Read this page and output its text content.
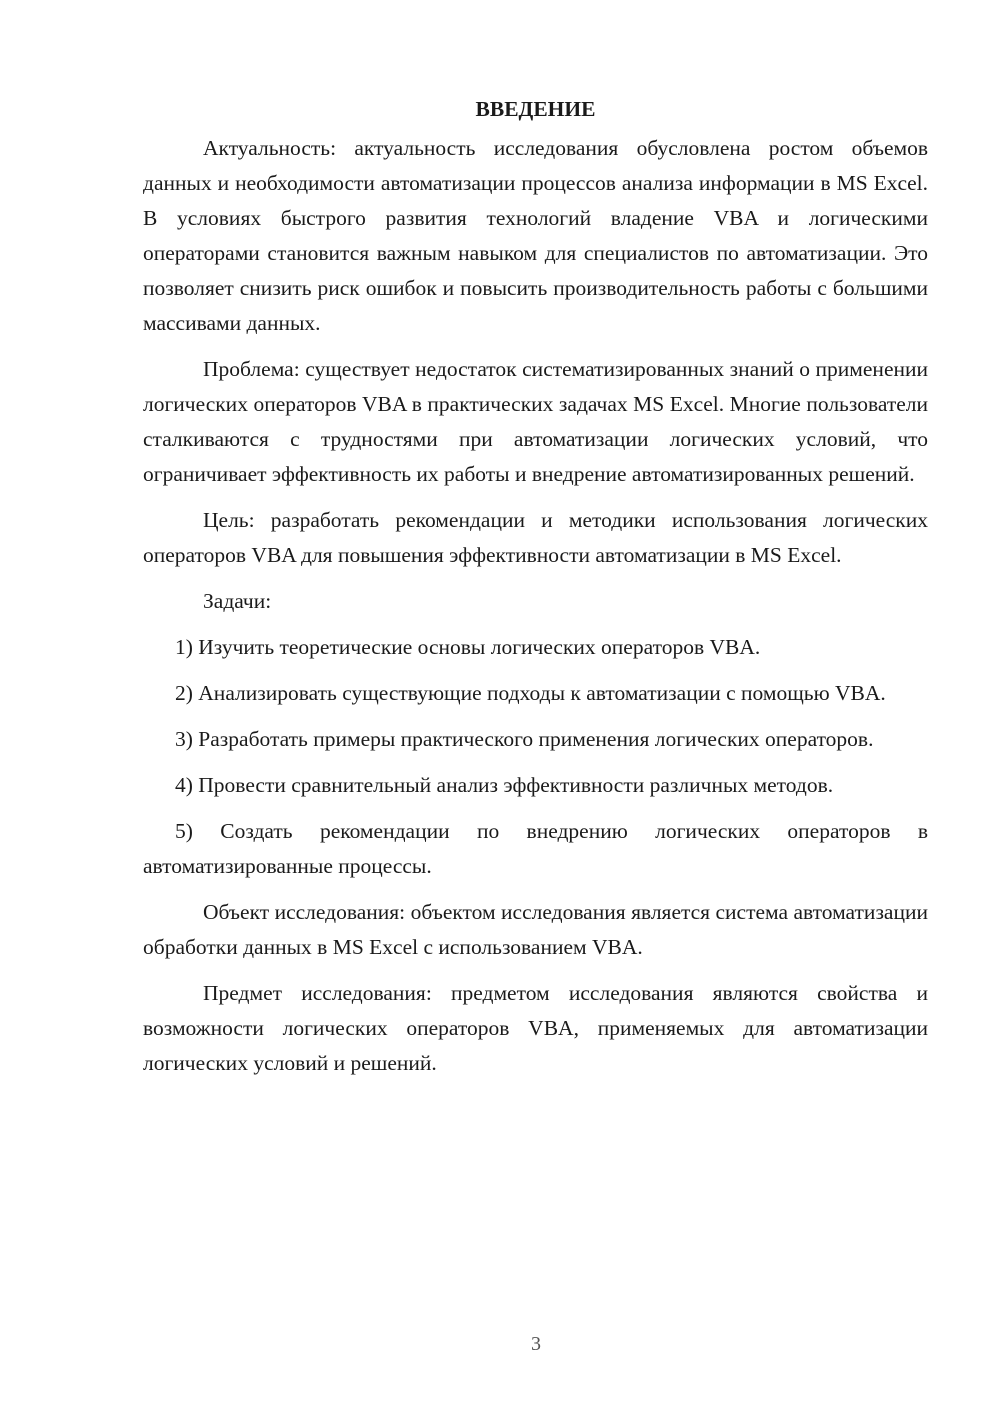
ВВЕДЕНИЕ

Актуальность: актуальность исследования обусловлена ростом объемов данных и необходимости автоматизации процессов анализа информации в MS Excel. В условиях быстрого развития технологий владение VBA и логическими операторами становится важным навыком для специалистов по автоматизации. Это позволяет снизить риск ошибок и повысить производительность работы с большими массивами данных.

Проблема: существует недостаток систематизированных знаний о применении логических операторов VBA в практических задачах MS Excel. Многие пользователи сталкиваются с трудностями при автоматизации логических условий, что ограничивает эффективность их работы и внедрение автоматизированных решений.

Цель: разработать рекомендации и методики использования логических операторов VBA для повышения эффективности автоматизации в MS Excel.

Задачи:

1) Изучить теоретические основы логических операторов VBA.

2) Анализировать существующие подходы к автоматизации с помощью VBA.

3) Разработать примеры практического применения логических операторов.

4) Провести сравнительный анализ эффективности различных методов.

5) Создать рекомендации по внедрению логических операторов в автоматизированные процессы.

Объект исследования: объектом исследования является система автоматизации обработки данных в MS Excel с использованием VBA.

Предмет исследования: предметом исследования являются свойства и возможности логических операторов VBA, применяемых для автоматизации логических условий и решений.

3
